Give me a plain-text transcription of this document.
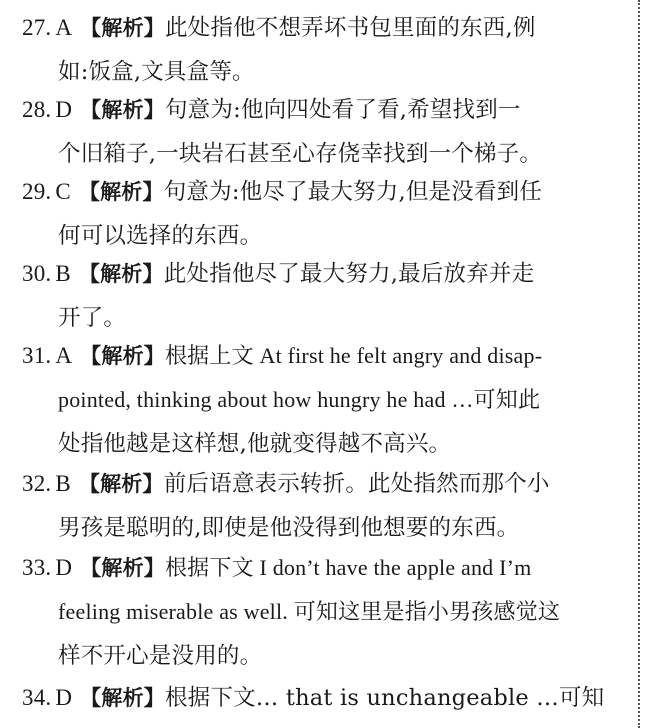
27. A 【解析】此处指他不想弄坏书包里面的东西,例
如:饭盒,文具盒等。
28. D 【解析】句意为:他向四处看了看,希望找到一
个旧箱子,一块岩石甚至心存侥幸找到一个梯子。
29. C 【解析】句意为:他尽了最大努力,但是没看到任
何可以选择的东西。
30. B 【解析】此处指他尽了最大努力,最后放弃并走
开了。
31. A 【解析】根据上文 At first he felt angry and disap-
pointed, thinking about how hungry he had …可知此
处指他越是这样想,他就变得越不高兴。
32. B 【解析】前后语意表示转折。此处指然而那个小
男孩是聪明的,即使是他没得到他想要的东西。
33. D 【解析】根据下文 I don’t have the apple and I’m
feeling miserable as well. 可知这里是指小男孩感觉这
样不开心是没用的。
34. D 【解析】根据下文… that is unchangeable …可知
